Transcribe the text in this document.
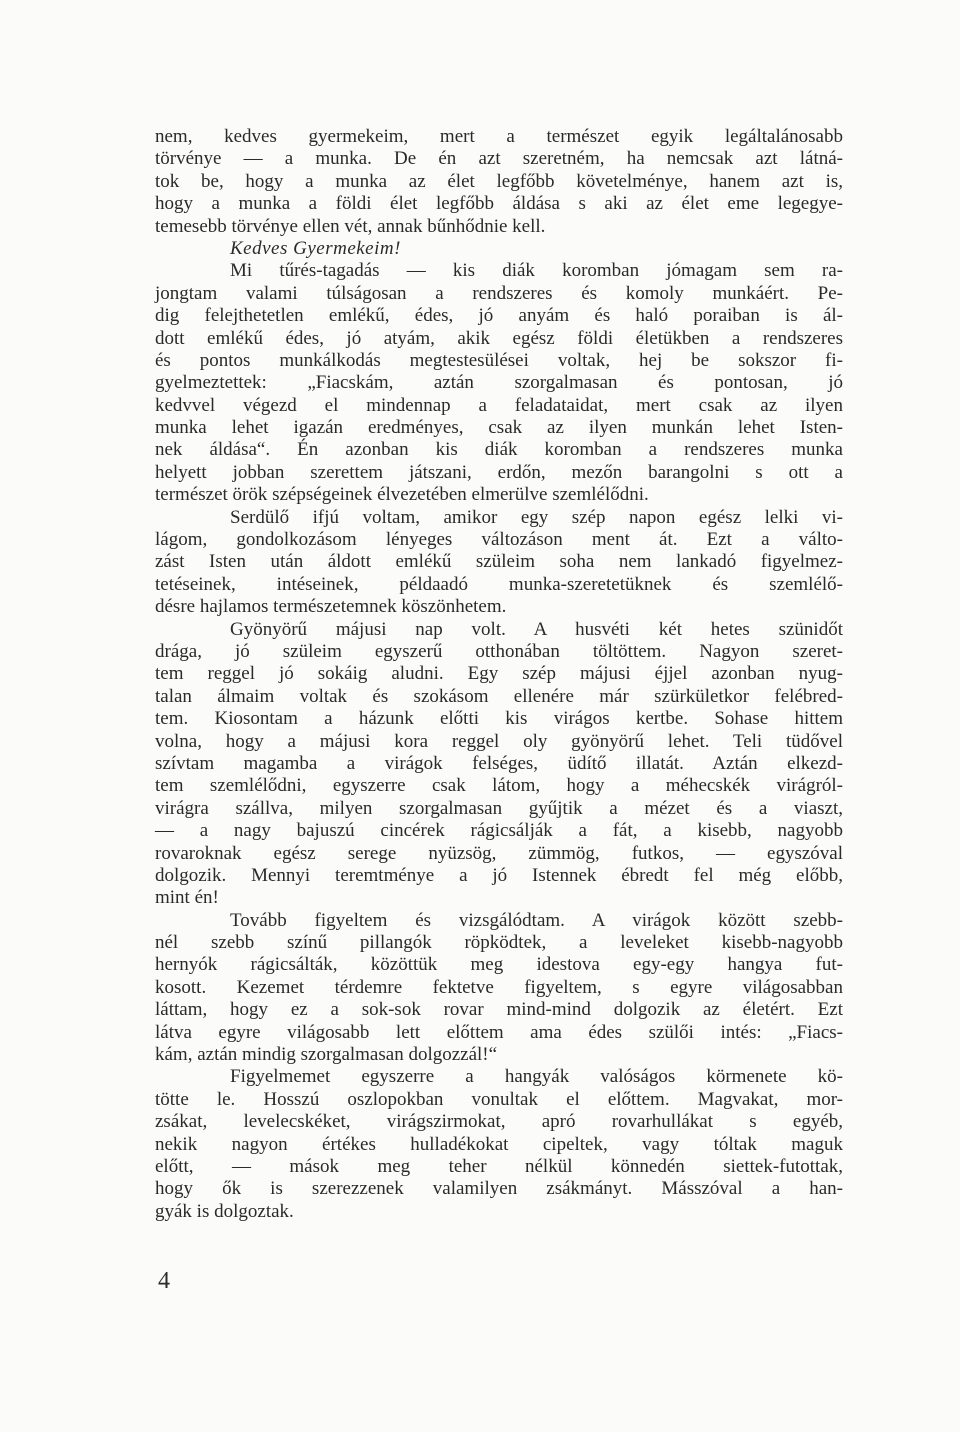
nem, kedves gyermekeim, mert a természet egyik legáltalánosabb
törvénye — a munka. De én azt szeretném, ha nemcsak azt látná-
tok be, hogy a munka az élet legfőbb követelménye, hanem azt is,
hogy a munka a földi élet legfőbb áldása s aki az élet eme legegye-
temesebb törvénye ellen vét, annak bűnhődnie kell.
Kedves Gyermekeim!
Mi tűrés-tagadás — kis diák koromban jómagam sem ra-
jongtam valami túlságosan a rendszeres és komoly munkáért. Pe-
dig felejthetetlen emlékű, édes, jó anyám és haló poraiban is ál-
dott emlékű édes, jó atyám, akik egész földi életükben a rendszeres
és pontos munkálkodás megtestesülései voltak, hej be sokszor fi-
gyelmeztettek: „Fiacskám, aztán szorgalmasan és pontosan, jó
kedvvel végezd el mindennap a feladataidat, mert csak az ilyen
munka lehet igazán eredményes, csak az ilyen munkán lehet Isten-
nek áldása“. Én azonban kis diák koromban a rendszeres munka
helyett jobban szerettem játszani, erdőn, mezőn barangolni s ott a
természet örök szépségeinek élvezetében elmerülve szemlélődni.
Serdülő ifjú voltam, amikor egy szép napon egész lelki vi-
lágom, gondolkozásom lényeges változáson ment át. Ezt a válto-
zást Isten után áldott emlékű szüleim soha nem lankadó figyelmez-
tetéseinek, intéseinek, példaadó munka-szeretetüknek és szemlélő-
désre hajlamos természetemnek köszönhetem.
Gyönyörű májusi nap volt. A husvéti két hetes szünidőt
drága, jó szüleim egyszerű otthonában töltöttem. Nagyon szeret-
tem reggel jó sokáig aludni. Egy szép májusi éjjel azonban nyug-
talan álmaim voltak és szokásom ellenére már szürkületkor felébred-
tem. Kiosontam a házunk előtti kis virágos kertbe. Sohase hittem
volna, hogy a májusi kora reggel oly gyönyörű lehet. Teli tüdővel
szívtam magamba a virágok felséges, üdítő illatát. Aztán elkezd-
tem szemlélődni, egyszerre csak látom, hogy a méhecskék virágról-
virágra szállva, milyen szorgalmasan gyűjtik a mézet és a viaszt,
— a nagy bajuszú cincérek rágicsálják a fát, a kisebb, nagyobb
rovaroknak egész serege nyüzsög, zümmög, futkos, — egyszóval
dolgozik. Mennyi teremtménye a jó Istennek ébredt fel még előbb,
mint én!
Tovább figyeltem és vizsgálódtam. A virágok között szebb-
nél szebb színű pillangók röpködtek, a leveleket kisebb-nagyobb
hernyók rágicsálták, közöttük meg idestova egy-egy hangya fut-
kosott. Kezemet térdemre fektetve figyeltem, s egyre világosabban
láttam, hogy ez a sok-sok rovar mind-mind dolgozik az életért. Ezt
látva egyre világosabb lett előttem ama édes szülői intés: „Fiacs-
kám, aztán mindig szorgalmasan dolgozzál!“
Figyelmemet egyszerre a hangyák valóságos körmenete kö-
tötte le. Hosszú oszlopokban vonultak el előttem. Magvakat, mor-
zsákat, levelecskéket, virágszirmokat, apró rovarhullákat s egyéb,
nekik nagyon értékes hulladékokat cipeltek, vagy tóltak maguk
előtt, — mások meg teher nélkül könnedén siettek-futottak,
hogy ők is szerezzenek valamilyen zsákmányt. Másszóval a han-
gyák is dolgoztak.
4
